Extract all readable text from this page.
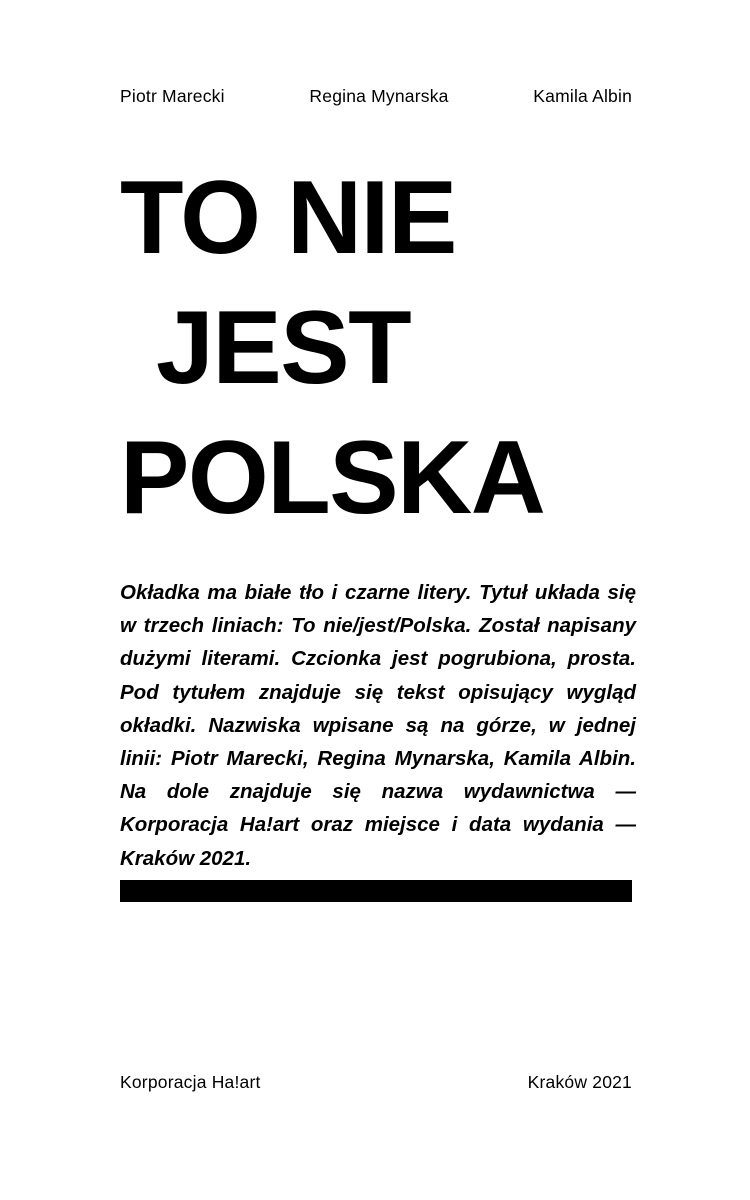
Piotr Marecki	Regina Mynarska	Kamila Albin
TO NIE
JEST
POLSKA

Okładka ma białe tło i czarne litery. Tytuł układa się w trzech liniach: To nie/jest/Polska. Został napisany dużymi literami. Czcionka jest pogrubiona, prosta. Pod tytułem znajduje się tekst opisujący wygląd okładki. Nazwiska wpisane są na górze, w jednej linii: Piotr Marecki, Regina Mynarska, Kamila Albin. Na dole znajduje się nazwa wydawnictwa — Korporacja Ha!art oraz miejsce i data wydania — Kraków 2021.

Korporacja Ha!art	Kraków 2021
